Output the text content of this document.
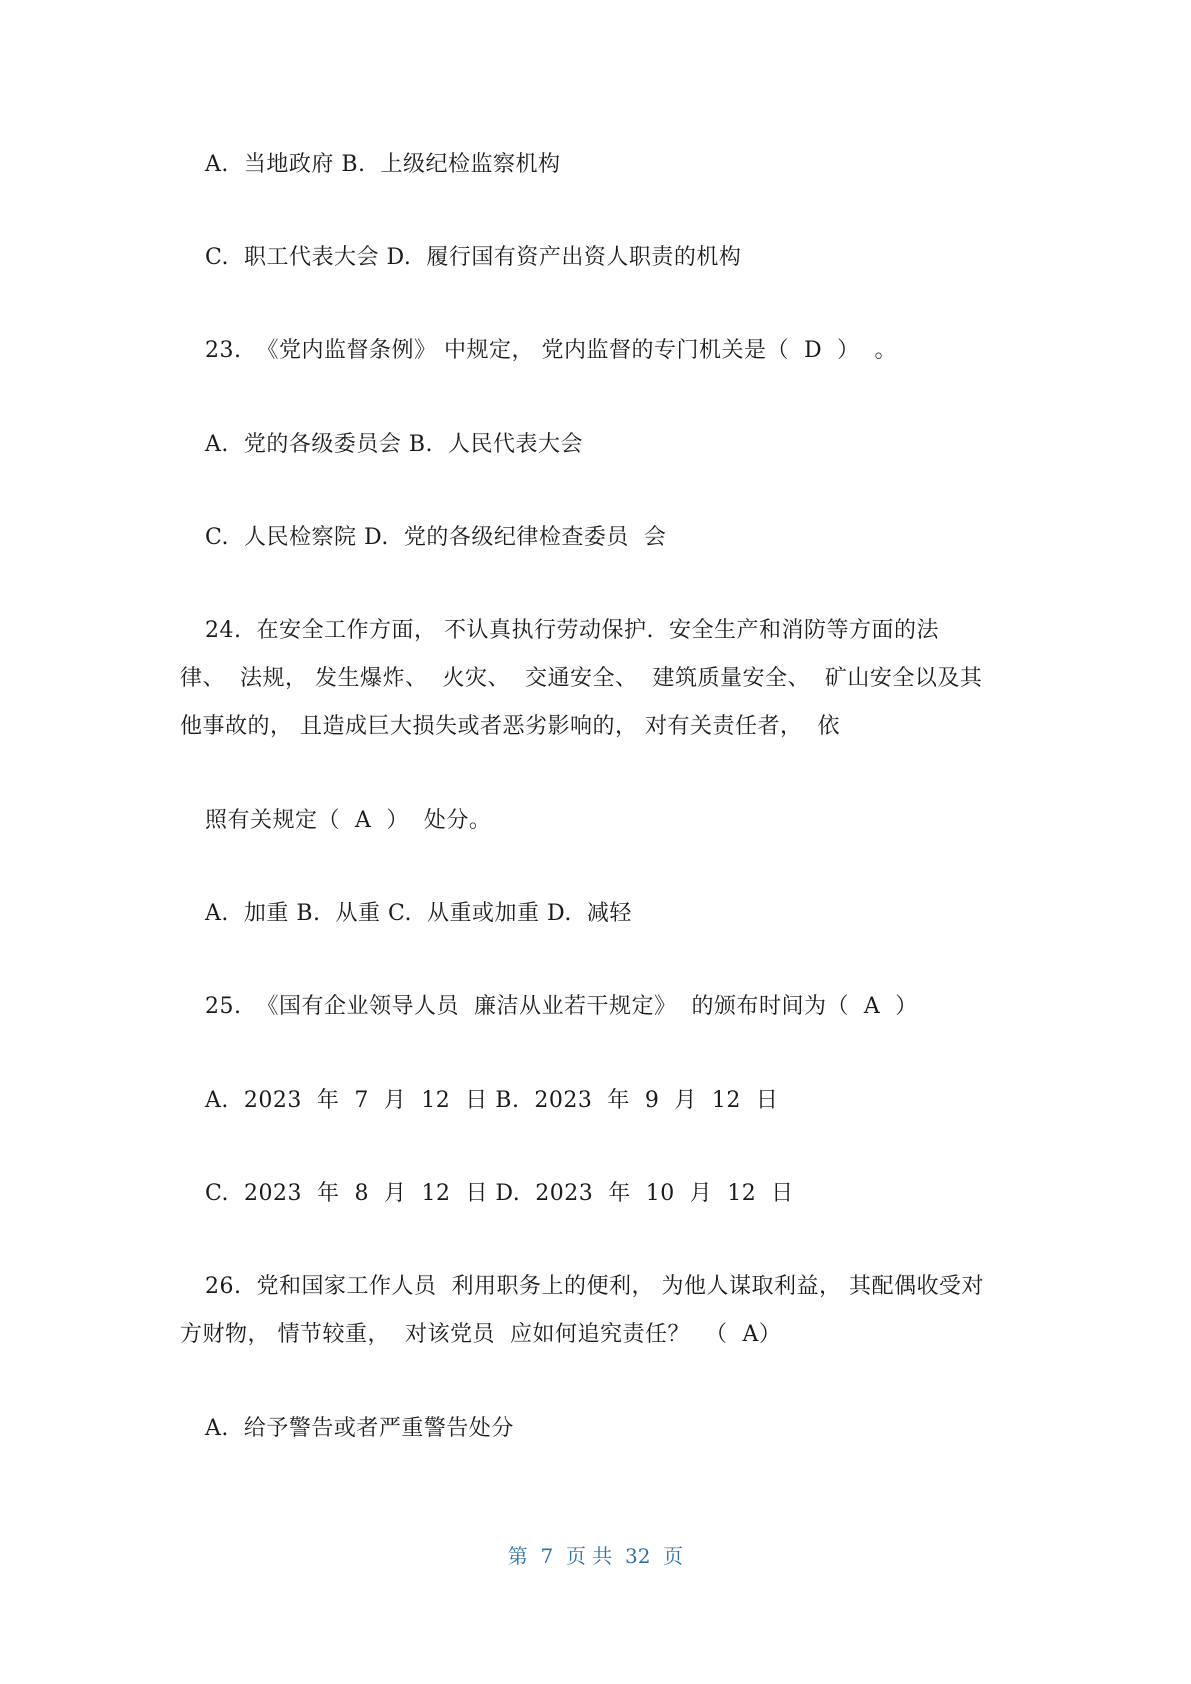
A.  当地政府 B.  上级纪检监察机构
C.  职工代表大会 D.  履行国有资产出资人职责的机构
23.  《党内监督条例》 中规定， 党内监督的专门机关是（  D  ）  。
A.  党的各级委员会 B.  人民代表大会
C.  人民检察院 D.  党的各级纪律检查委员  会
24.  在安全工作方面， 不认真执行劳动保护.  安全生产和消防等方面的法
律、  法规， 发生爆炸、  火灾、  交通安全、  建筑质量安全、  矿山安全以及其
他事故的， 且造成巨大损失或者恶劣影响的， 对有关责任者，  依
照有关规定（  A  ）  处分。
A.  加重 B.  从重 C.  从重或加重 D.  减轻
25.  《国有企业领导人员  廉洁从业若干规定》  的颁布时间为（  A  ）
A.  2023  年  7  月  12  日 B.  2023  年  9  月  12  日
C.  2023  年  8  月  12  日 D.  2023  年  10  月  12  日
26.  党和国家工作人员  利用职务上的便利， 为他人谋取利益， 其配偶收受对
方财物， 情节较重，  对该党员  应如何追究责任？  （  A）
A.  给予警告或者严重警告处分
第  7  页 共  32  页
